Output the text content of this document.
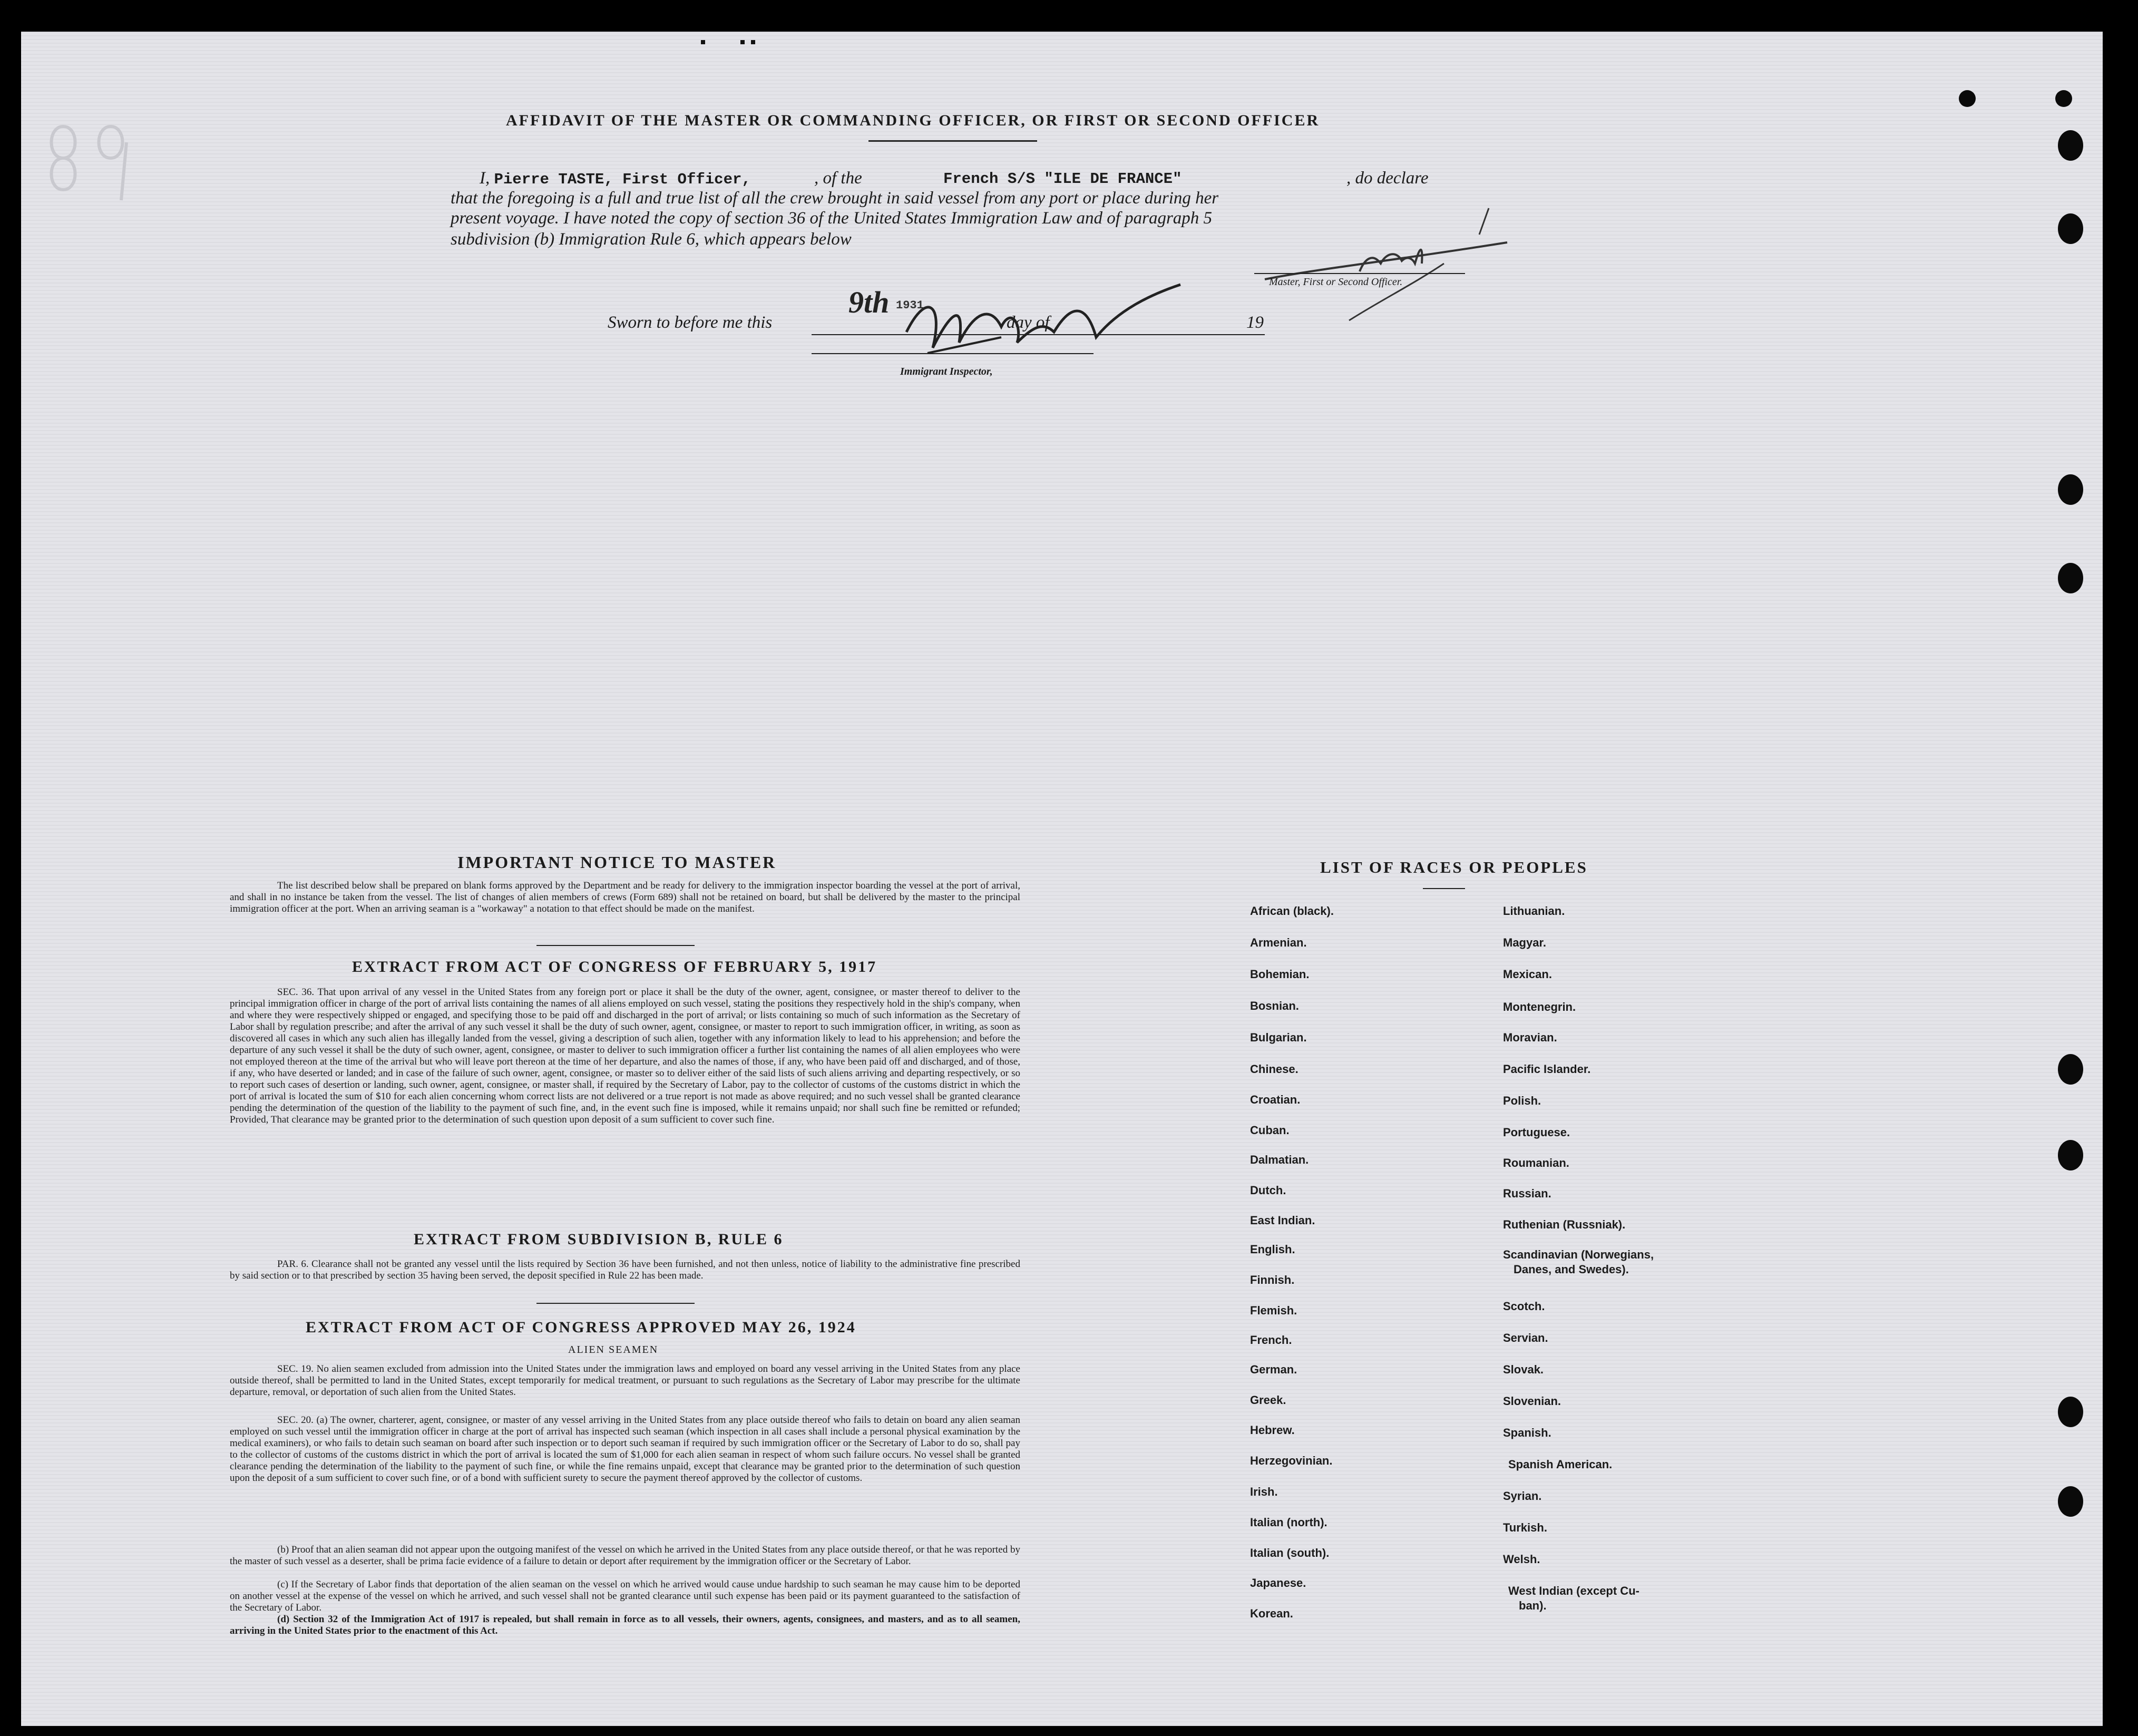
AFFIDAVIT OF THE MASTER OR COMMANDING OFFICER, OR FIRST OR SECOND OFFICER
I, Pierre TASTE, First Officer,	, of the	French S/S "ILE DE FRANCE"	, do declare
that the foregoing is a full and true list of all the crew brought in said vessel from any port or place during her
present voyage. I have noted the copy of section 36 of the United States Immigration Law and of paragraph 5
subdivision (b) Immigration Rule 6, which appears below
Master, First or Second Officer.
Sworn to before me this
9th 1931
day of	19
Immigrant Inspector,
IMPORTANT NOTICE TO MASTER
The list described below shall be prepared on blank forms approved by the Department and be ready for delivery to the immigration inspector boarding the vessel at the port of arrival, and shall in no instance be taken from the vessel. The list of changes of alien members of crews (Form 689) shall not be retained on board, but shall be delivered by the master to the principal immigration officer at the port. When an arriving seaman is a "workaway" a notation to that effect should be made on the manifest.
EXTRACT FROM ACT OF CONGRESS OF FEBRUARY 5, 1917
SEC. 36. That upon arrival of any vessel in the United States from any foreign port or place it shall be the duty of the owner, agent, consignee, or master thereof to deliver to the principal immigration officer in charge of the port of arrival lists containing the names of all aliens employed on such vessel, stating the positions they respectively hold in the ship's company, when and where they were respectively shipped or engaged, and specifying those to be paid off and discharged in the port of arrival; or lists containing so much of such information as the Secretary of Labor shall by regulation prescribe; and after the arrival of any such vessel it shall be the duty of such owner, agent, consignee, or master to report to such immigration officer, in writing, as soon as discovered all cases in which any such alien has illegally landed from the vessel, giving a description of such alien, together with any information likely to lead to his apprehension; and before the departure of any such vessel it shall be the duty of such owner, agent, consignee, or master to deliver to such immigration officer a further list containing the names of all alien employees who were not employed thereon at the time of the arrival but who will leave port thereon at the time of her departure, and also the names of those, if any, who have been paid off and discharged, and of those, if any, who have deserted or landed; and in case of the failure of such owner, agent, consignee, or master so to deliver either of the said lists of such aliens arriving and departing respectively, or so to report such cases of desertion or landing, such owner, agent, consignee, or master shall, if required by the Secretary of Labor, pay to the collector of customs of the customs district in which the port of arrival is located the sum of $10 for each alien concerning whom correct lists are not delivered or a true report is not made as above required; and no such vessel shall be granted clearance pending the determination of the question of the liability to the payment of such fine, and, in the event such fine is imposed, while it remains unpaid; nor shall such fine be remitted or refunded; Provided, That clearance may be granted prior to the determination of such question upon deposit of a sum sufficient to cover such fine.
EXTRACT FROM SUBDIVISION B, RULE 6
PAR. 6. Clearance shall not be granted any vessel until the lists required by Section 36 have been furnished, and not then unless, notice of liability to the administrative fine prescribed by said section or to that prescribed by section 35 having been served, the deposit specified in Rule 22 has been made.
EXTRACT FROM ACT OF CONGRESS APPROVED MAY 26, 1924
ALIEN SEAMEN
SEC. 19. No alien seamen excluded from admission into the United States under the immigration laws and employed on board any vessel arriving in the United States from any place outside thereof, shall be permitted to land in the United States, except temporarily for medical treatment, or pursuant to such regulations as the Secretary of Labor may prescribe for the ultimate departure, removal, or deportation of such alien from the United States.
SEC. 20. (a) The owner, charterer, agent, consignee, or master of any vessel arriving in the United States from any place outside thereof who fails to detain on board any alien seaman employed on such vessel until the immigration officer in charge at the port of arrival has inspected such seaman (which inspection in all cases shall include a personal physical examination by the medical examiners), or who fails to detain such seaman on board after such inspection or to deport such seaman if required by such immigration officer or the Secretary of Labor to do so, shall pay to the collector of customs of the customs district in which the port of arrival is located the sum of $1,000 for each alien seaman in respect of whom such failure occurs. No vessel shall be granted clearance pending the determination of the liability to the payment of such fine, or while the fine remains unpaid, except that clearance may be granted prior to the determination of such question upon the deposit of a sum sufficient to cover such fine, or of a bond with sufficient surety to secure the payment thereof approved by the collector of customs.
(b) Proof that an alien seaman did not appear upon the outgoing manifest of the vessel on which he arrived in the United States from any place outside thereof, or that he was reported by the master of such vessel as a deserter, shall be prima facie evidence of a failure to detain or deport after requirement by the immigration officer or the Secretary of Labor.
(c) If the Secretary of Labor finds that deportation of the alien seaman on the vessel on which he arrived would cause undue hardship to such seaman he may cause him to be deported on another vessel at the expense of the vessel on which he arrived, and such vessel shall not be granted clearance until such expense has been paid or its payment guaranteed to the satisfaction of the Secretary of Labor.
(d) Section 32 of the Immigration Act of 1917 is repealed, but shall remain in force as to all vessels, their owners, agents, consignees, and masters, and as to all seamen, arriving in the United States prior to the enactment of this Act.
LIST OF RACES OR PEOPLES
African (black).
Armenian.
Bohemian.
Bosnian.
Bulgarian.
Chinese.
Croatian.
Cuban.
Dalmatian.
Dutch.
East Indian.
English.
Finnish.
Flemish.
French.
German.
Greek.
Hebrew.
Herzegovinian.
Irish.
Italian (north).
Italian (south).
Japanese.
Korean.
Lithuanian.
Magyar.
Mexican.
Montenegrin.
Moravian.
Pacific Islander.
Polish.
Portuguese.
Roumanian.
Russian.
Ruthenian (Russniak).
Scandinavian (Norwegians,
Danes, and Swedes).
Scotch.
Servian.
Slovak.
Slovenian.
Spanish.
Spanish American.
Syrian.
Turkish.
Welsh.
West Indian (except Cu-
ban).
